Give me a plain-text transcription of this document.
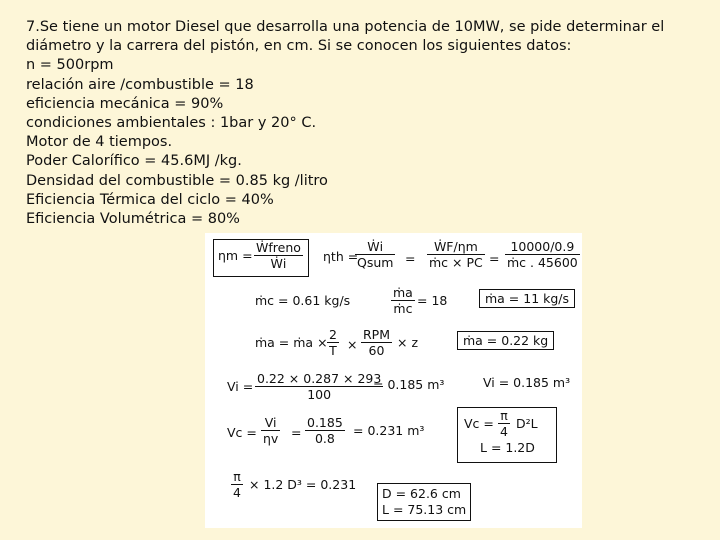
7.Se tiene un motor Diesel que desarrolla una potencia de 10MW, se pide determinar el
diámetro y la carrera del pistón, en cm. Si se conocen los siguientes datos:
n = 500rpm
relación aire /combustible = 18
eficiencia mecánica = 90%
condiciones ambientales : 1bar y 20° C.
Motor de 4 tiempos.
Poder Calorífico = 45.6MJ /kg.
Densidad del combustible = 0.85 kg /litro
Eficiencia Térmica del ciclo = 40%
Eficiencia Volumétrica = 80%
ηm =
Ẇfreno
Ẇi	ηth =
Ẇi
Qsum = $\frac{\text{ẆF/ηm}}{\text{ṁc × PC}} = \frac{10000/0.9}{\text{ṁc . 45600}}$
ṁc = 0.61 kg/s	$\frac{\text{ṁa}}{\text{ṁc}} = 18$	ṁa = 11 kg/s
ṁa = ṁa × $\frac{2}{T}$ ×
RPM
60
× z	ṁa = 0.22 kg
$Vi = \frac{0.22 \times 0.287 \times 293}{100}$
= 0.185 m³	Vi = 0.185 m³
$Vc = \frac{Vi}{\eta v} = \frac{0.185}{0.8} = 0.231$ m³	$Vc = \frac{\pi}{4} D^2L$
L = 1.2D
$\frac{\pi}{4} \times 1.2$ D³ = 0.231
D = 62.6 cm
L = 75.13 cm
